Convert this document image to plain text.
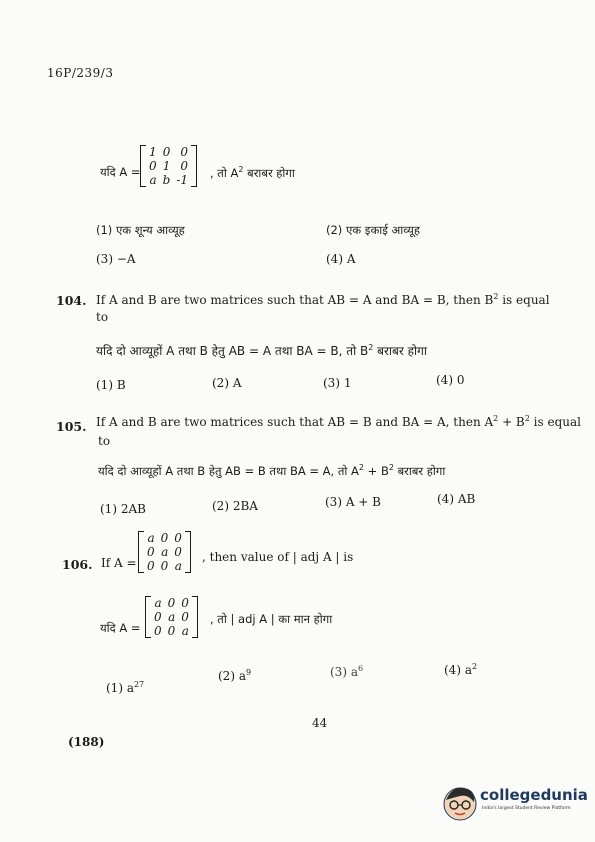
16P/239/3
यदि A =
1	0	0
0	1	0
a	b	-1
, तो $A^2$ बराबर होगा
(1) एक शून्य आव्यूह	(2) एक इकाई आव्यूह
(3) −A	(4) A
104. If A and B are two matrices such that AB = A and BA = B, then $B^2$ is equal
to
यदि दो आव्यूहों A तथा B हेतु AB = A तथा BA = B, तो $B^2$ बराबर होगा
(1) B	(2) A	(3) 1	(4) 0
105. If A and B are two matrices such that AB = B and BA = A, then $A^2 + B^2$ is equal
to
यदि दो आव्यूहों A तथा B हेतु AB = B तथा BA = A, तो $A^2 + B^2$ बराबर होगा
(1) 2AB	(2) 2BA	(3) A + B	(4) AB
106. If A =
a	0	0
0	a	0
0	0	a
, then value of | adj A | is
यदि A =
a	0	0
0	a	0
0	0	a
, तो | adj A | का मान होगा
(1) $a^{27}$
(2) $a^9$	(3) $a^6$	(4) $a^2$
44
(188)
collegedunia
India's largest Student Review Platform
